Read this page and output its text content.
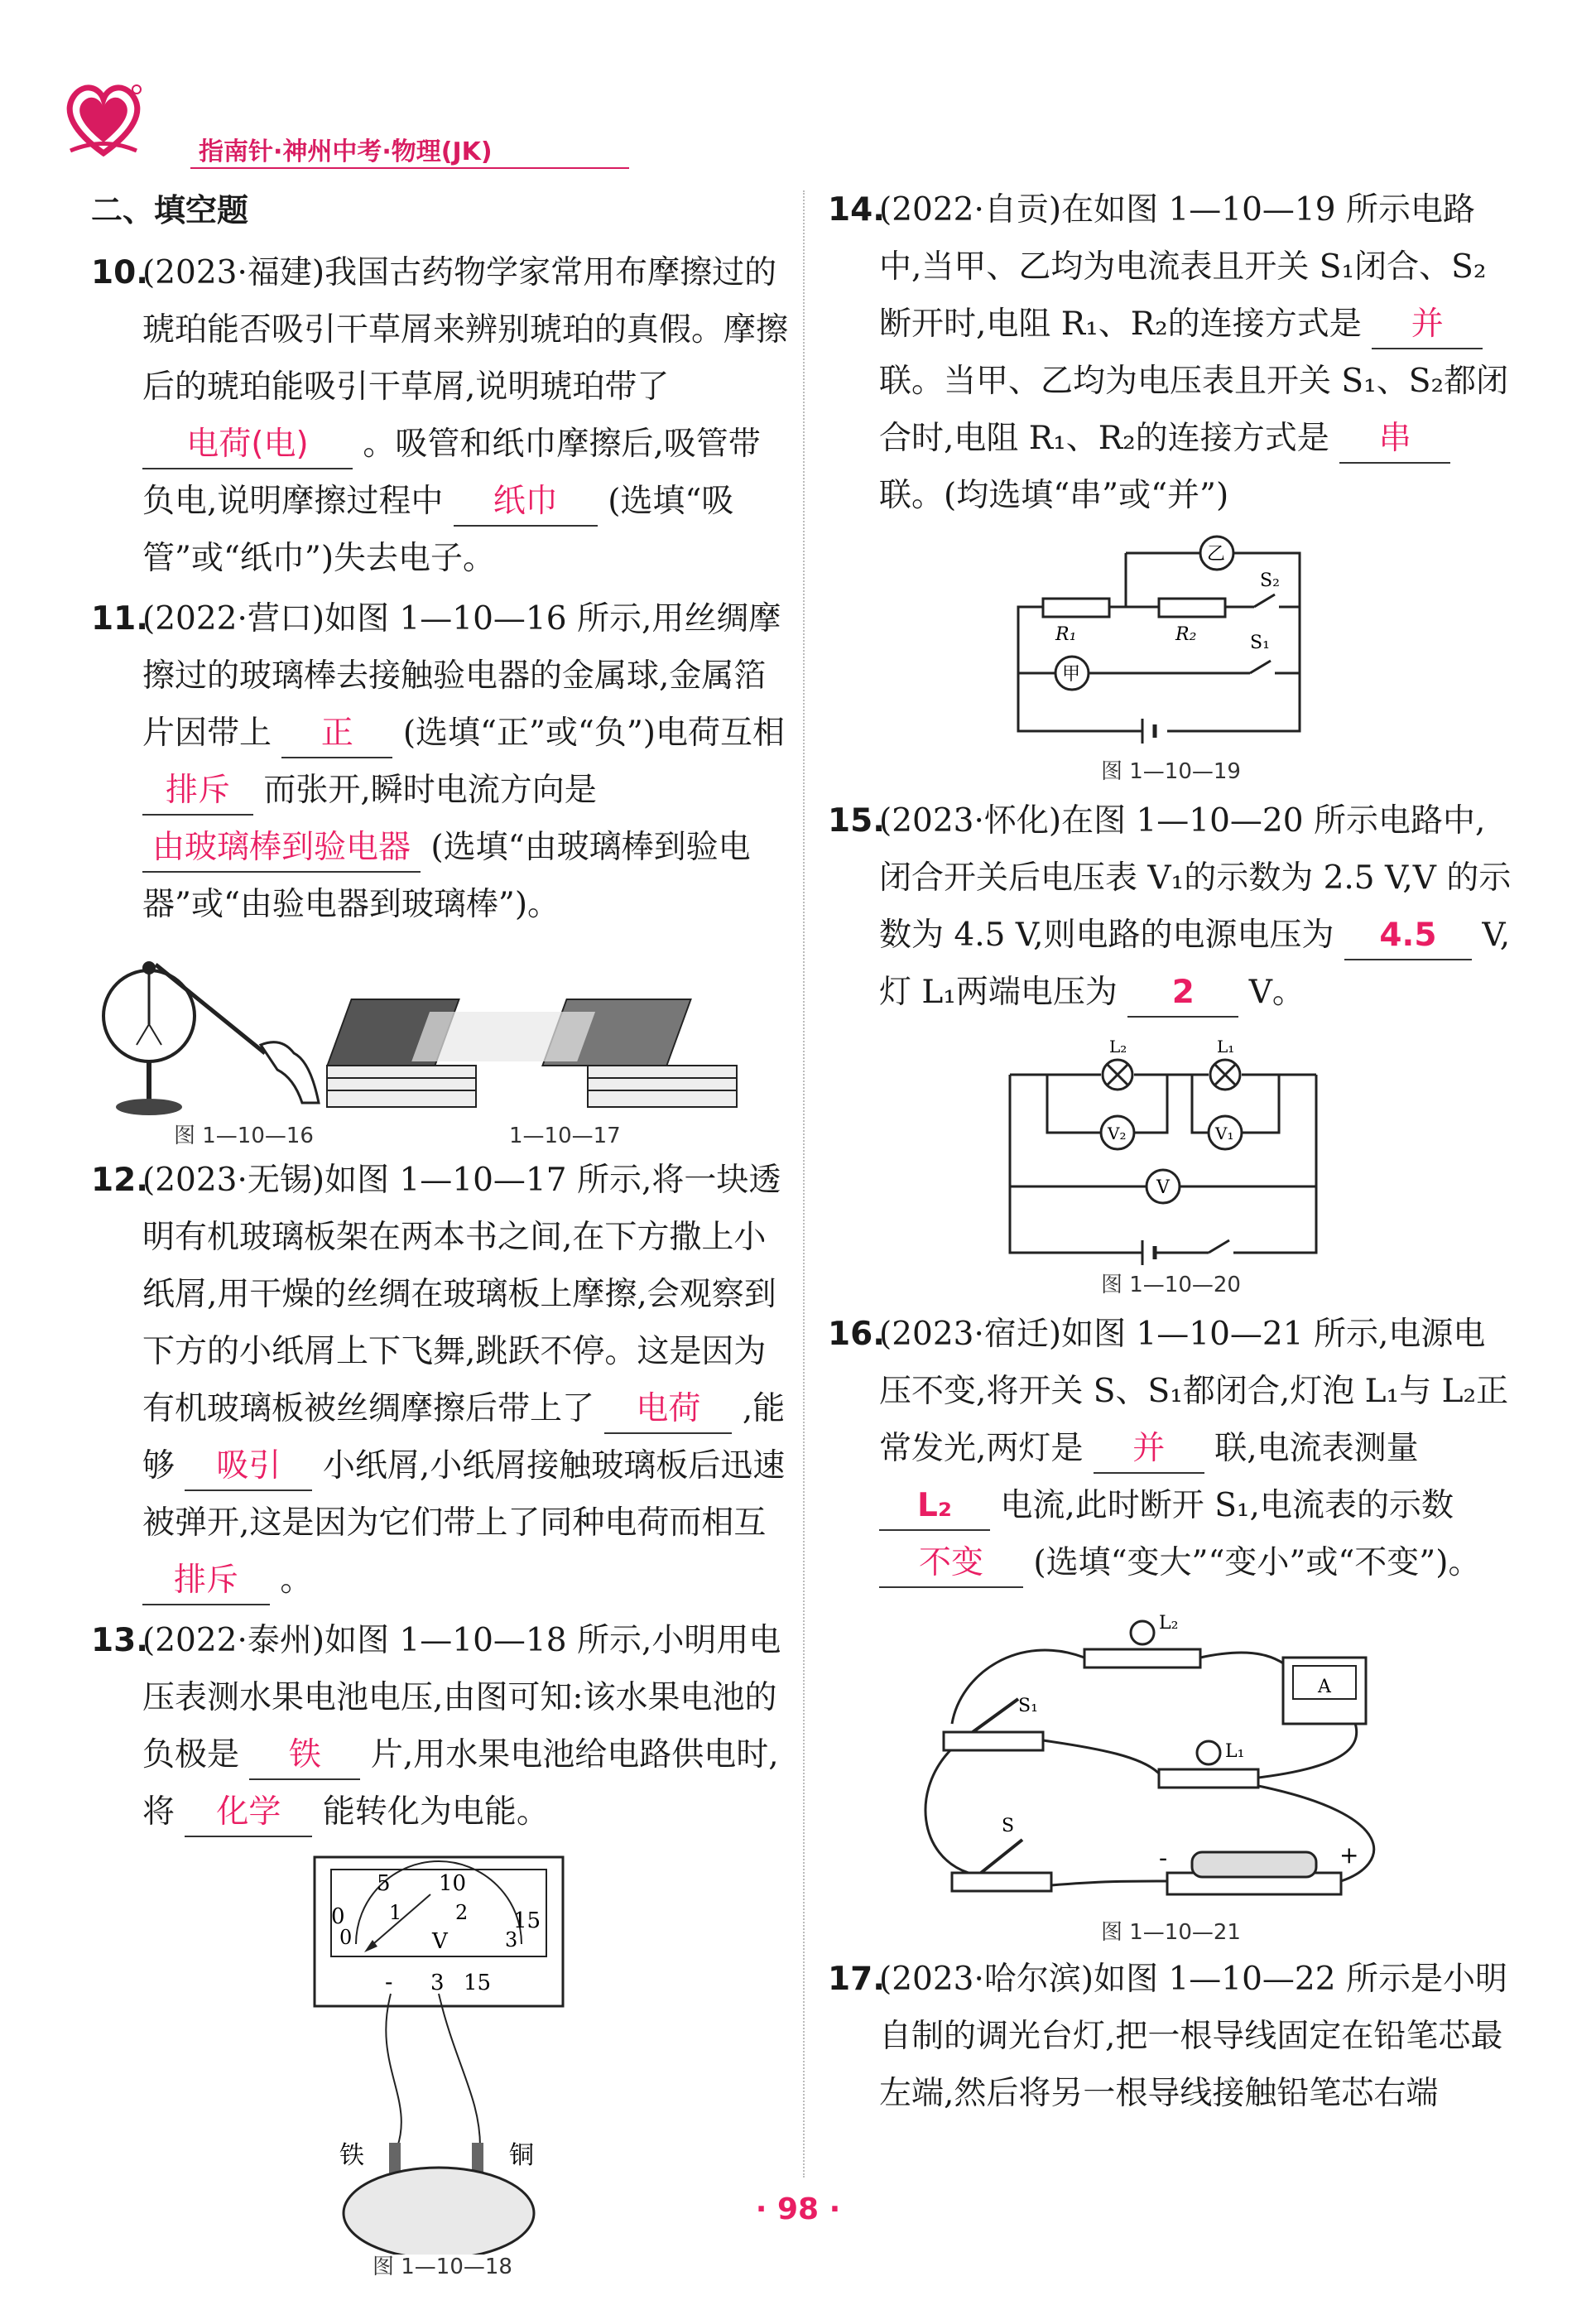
指南针·神州中考·物理(JK)
二、填空题
10.
(2023·福建)我国古药物学家常用布摩擦过的琥珀能否吸引干草屑来辨别琥珀的真假。摩擦后的琥珀能吸引干草屑,说明琥珀带了 电荷(电) 。吸管和纸巾摩擦后,吸管带负电,说明摩擦过程中 纸巾 (选填“吸管”或“纸巾”)失去电子。
11.
(2022·营口)如图 1—10—16 所示,用丝绸摩擦过的玻璃棒去接触验电器的金属球,金属箔片因带上 正 (选填“正”或“负”)电荷互相 排斥 而张开,瞬时电流方向是 由玻璃棒到验电器 (选填“由玻璃棒到验电器”或“由验电器到玻璃棒”)。
图 1—10—16	1—10—17
12.
(2023·无锡)如图 1—10—17 所示,将一块透明有机玻璃板架在两本书之间,在下方撒上小纸屑,用干燥的丝绸在玻璃板上摩擦,会观察到下方的小纸屑上下飞舞,跳跃不停。这是因为有机玻璃板被丝绸摩擦后带上了 电荷 ,能够 吸引 小纸屑,小纸屑接触玻璃板后迅速被弹开,这是因为它们带上了同种电荷而相互 排斥 。
13.
(2022·泰州)如图 1—10—18 所示,小明用电压表测水果电池电压,由图可知:该水果电池的负极是 铁 片,用水果电池给电路供电时,将 化学 能转化为电能。
0
5 10
15
0
1	2
3
V
- 3 15
铁	铜
图 1—10—18
14.
(2022·自贡)在如图 1—10—19 所示电路中,当甲、乙均为电流表且开关 S₁闭合、S₂断开时,电阻 R₁、R₂的连接方式是 并 联。当甲、乙均为电压表且开关 S₁、S₂都闭合时,电阻 R₁、R₂的连接方式是 串 联。(均选填“串”或“并”)
R₁	R₂
甲
乙
S₁
S₂
图 1—10—19
15.
(2023·怀化)在图 1—10—20 所示电路中,闭合开关后电压表 V₁的示数为 2.5 V,V 的示数为 4.5 V,则电路的电源电压为 4.5 V,灯 L₁两端电压为 2 V。
L₂	L₁
V₂	V₁
V
图 1—10—20
16.
(2023·宿迁)如图 1—10—21 所示,电源电压不变,将开关 S、S₁都闭合,灯泡 L₁与 L₂正常发光,两灯是 并 联,电流表测量 L₂ 电流,此时断开 S₁,电流表的示数 不变 (选填“变大”“变小”或“不变”)。
A
-	+
L₂
L₁
S₁
S
图 1—10—21
17.
(2023·哈尔滨)如图 1—10—22 所示是小明自制的调光台灯,把一根导线固定在铅笔芯最左端,然后将另一根导线接触铅笔芯右端
· 98 ·
